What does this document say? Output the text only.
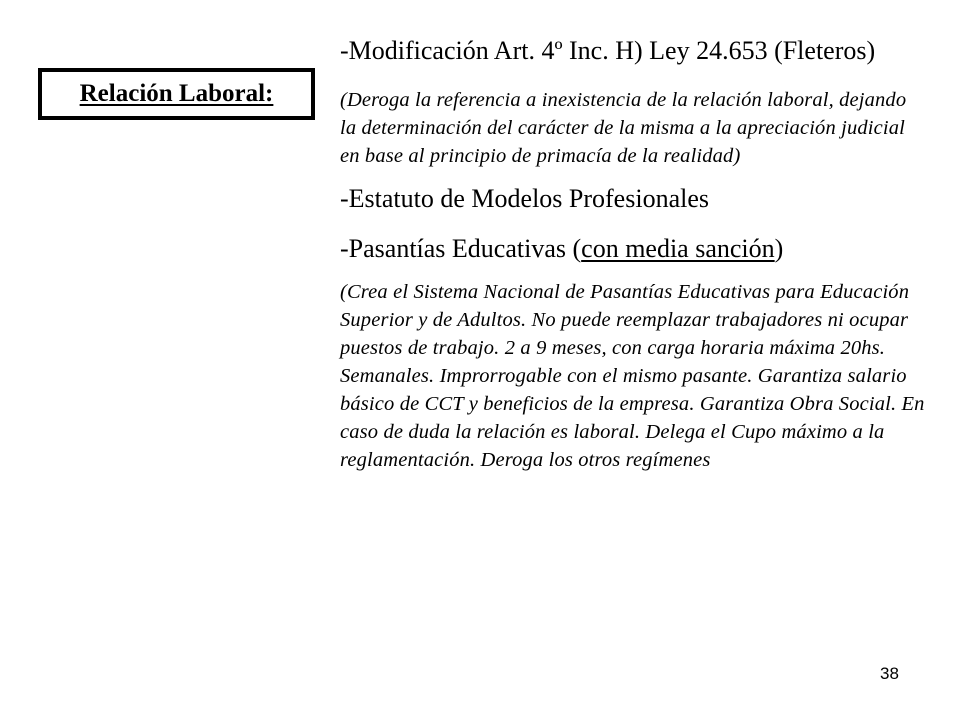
Relación Laboral:

-Modificación Art. 4º Inc. H) Ley 24.653 (Fleteros)

(Deroga la referencia a inexistencia de la relación laboral, dejando la determinación del carácter de la misma a la apreciación judicial en base al principio de primacía de la realidad)

-Estatuto de Modelos Profesionales

-Pasantías Educativas (con media sanción)

(Crea el Sistema Nacional de Pasantías Educativas para Educación Superior y de Adultos. No puede reemplazar trabajadores ni ocupar puestos de trabajo. 2 a 9 meses, con carga horaria máxima 20hs. Semanales. Improrrogable con el mismo pasante. Garantiza salario básico de CCT y beneficios de la empresa. Garantiza Obra Social. En caso de duda la relación es laboral. Delega el Cupo máximo a la reglamentación. Deroga los otros regímenes

38
